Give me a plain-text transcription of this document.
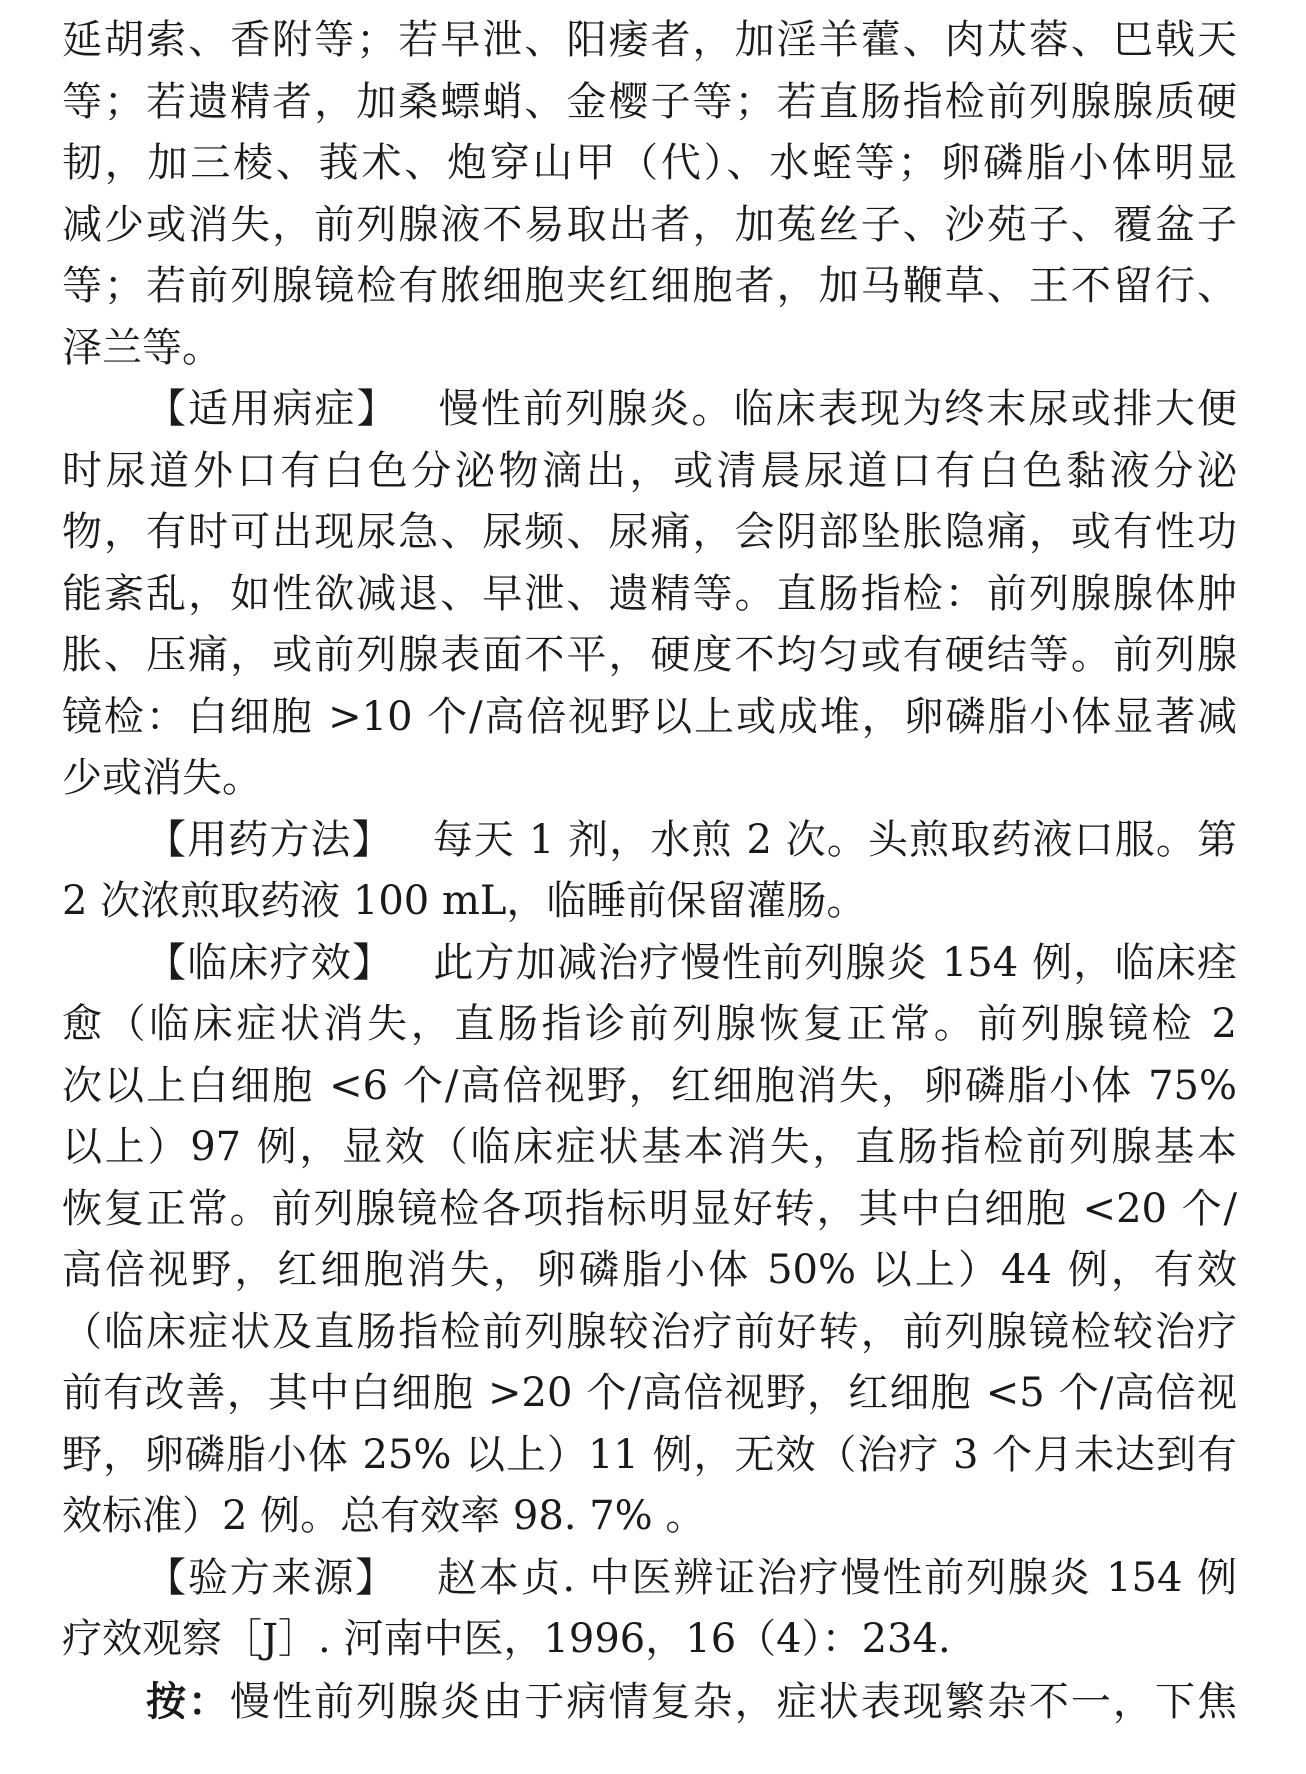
延胡索、香附等；若早泄、阳痿者，加淫羊藿、肉苁蓉、巴戟天
等；若遗精者，加桑螵蛸、金樱子等；若直肠指检前列腺腺质硬
韧，加三棱、莪术、炮穿山甲（代）、水蛭等；卵磷脂小体明显
减少或消失，前列腺液不易取出者，加菟丝子、沙苑子、覆盆子
等；若前列腺镜检有脓细胞夹红细胞者，加马鞭草、王不留行、
泽兰等。
【适用病症】 慢性前列腺炎。临床表现为终末尿或排大便
时尿道外口有白色分泌物滴出，或清晨尿道口有白色黏液分泌
物，有时可出现尿急、尿频、尿痛，会阴部坠胀隐痛，或有性功
能紊乱，如性欲减退、早泄、遗精等。直肠指检：前列腺腺体肿
胀、压痛，或前列腺表面不平，硬度不均匀或有硬结等。前列腺
镜检：白细胞 >10 个/高倍视野以上或成堆，卵磷脂小体显著减
少或消失。
【用药方法】 每天 1 剂，水煎 2 次。头煎取药液口服。第
2 次浓煎取药液 100 mL，临睡前保留灌肠。
【临床疗效】 此方加减治疗慢性前列腺炎 154 例，临床痊
愈（临床症状消失，直肠指诊前列腺恢复正常。前列腺镜检 2
次以上白细胞 <6 个/高倍视野，红细胞消失，卵磷脂小体 75%
以上）97 例，显效（临床症状基本消失，直肠指检前列腺基本
恢复正常。前列腺镜检各项指标明显好转，其中白细胞 <20 个/
高倍视野，红细胞消失，卵磷脂小体 50% 以上）44 例，有效
（临床症状及直肠指检前列腺较治疗前好转，前列腺镜检较治疗
前有改善，其中白细胞 >20 个/高倍视野，红细胞 <5 个/高倍视
野，卵磷脂小体 25% 以上）11 例，无效（治疗 3 个月未达到有
效标准）2 例。总有效率 98. 7% 。
【验方来源】 赵本贞. 中医辨证治疗慢性前列腺炎 154 例
疗效观察［J］. 河南中医，1996，16（4）：234.
按：慢性前列腺炎由于病情复杂，症状表现繁杂不一，下焦
